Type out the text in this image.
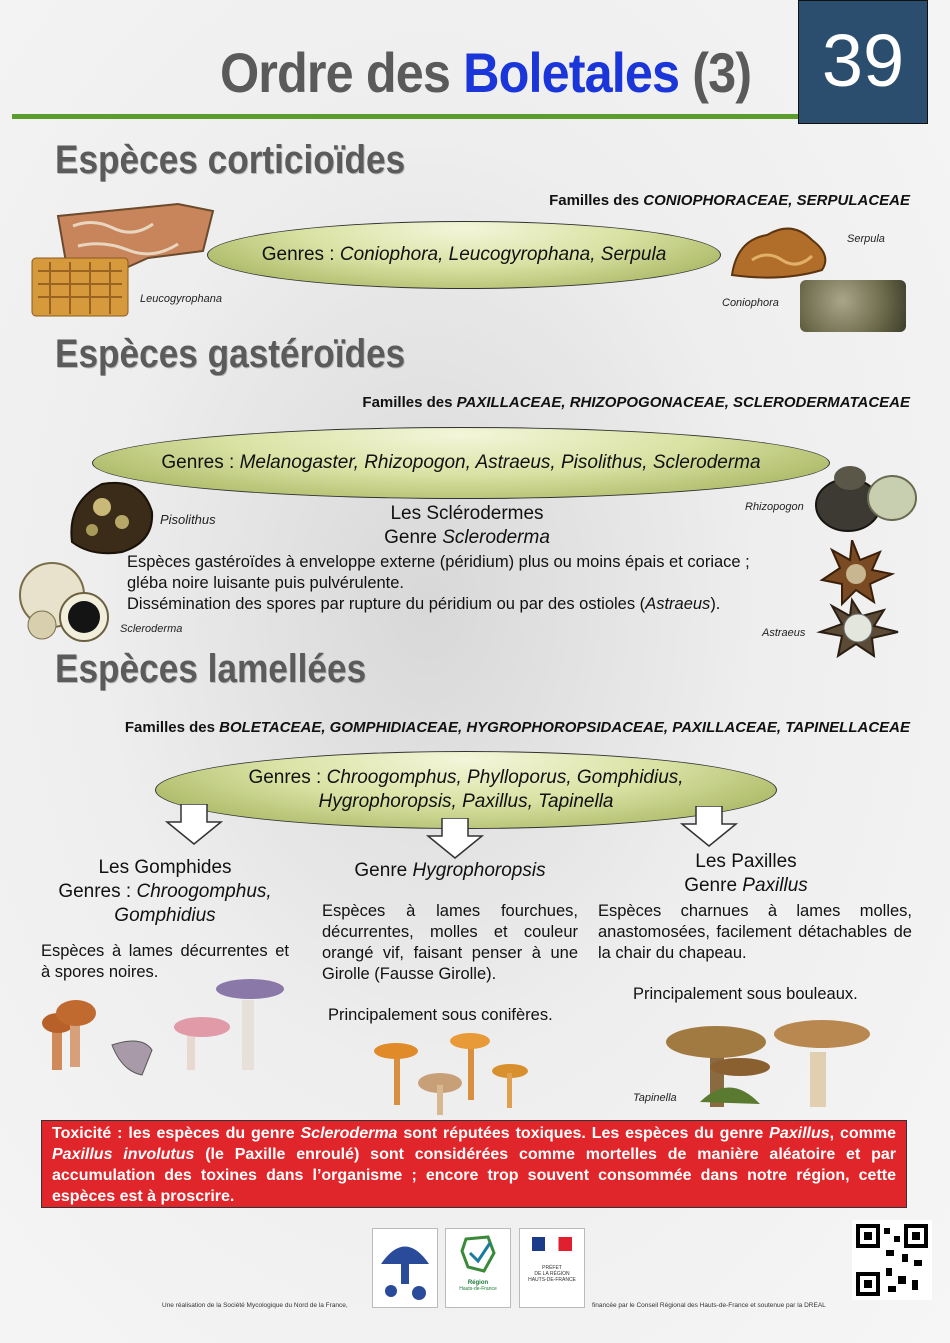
Ordre des Boletales (3) 39
Espèces corticioïdes
Familles des CONIOPHORACEAE, SERPULACEAE
Leucogyrophana
Genres : Coniophora, Leucogyrophana, Serpula
Serpula
Coniophora
Espèces gastéroïdes
Familles des PAXILLACEAE, RHIZOPOGONACEAE, SCLERODERMATACEAE
Genres : Melanogaster, Rhizopogon, Astraeus, Pisolithus, Scleroderma
Pisolithus
Scleroderma
Les Sclérodermes
Genre Scleroderma
Espèces gastéroïdes à enveloppe externe (péridium) plus ou moins épais et coriace ;
gléba noire luisante puis pulvérulente.
Dissémination des spores par rupture du péridium ou par des ostioles (Astraeus).
Rhizopogon
Astraeus
Espèces lamellées
Familles des BOLETACEAE, GOMPHIDIACEAE, HYGROPHOROPSIDACEAE, PAXILLACEAE, TAPINELLACEAE
Genres : Chroogomphus, Phylloporus, Gomphidius,
Hygrophoropsis, Paxillus, Tapinella
Les Gomphides
Genres : Chroogomphus,
Gomphidius
Espèces à lames décurrentes et à spores noires.
Genre Hygrophoropsis
Espèces à lames fourchues, décurrentes, molles et couleur orangé vif, faisant penser à une Girolle (Fausse Girolle).
Principalement sous conifères.
Les Paxilles
Genre Paxillus
Espèces charnues à lames molles, anastomosées, facilement détachables de la chair du chapeau.
Principalement sous bouleaux.
Tapinella
Toxicité : les espèces du genre Scleroderma sont réputées toxiques. Les espèces du genre Paxillus, comme Paxillus involutus (le Paxille enroulé) sont considérées comme mortelles de manière aléatoire et par accumulation des toxines dans l’organisme ; encore trop souvent consommée dans notre région, cette espèces est à proscrire.
Région
Hauts-de-France
PRÉFET
DE LA RÉGION
HAUTS-DE-FRANCE
Une réalisation de la Société Mycologique du Nord de la France,	financée par le Conseil Régional des Hauts-de-France et soutenue par la DREAL
